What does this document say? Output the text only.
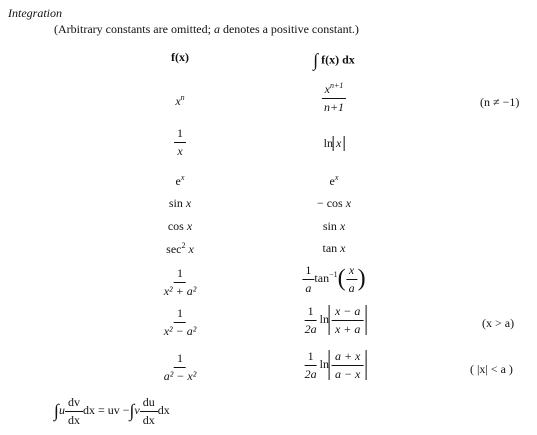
Integration
(Arbitrary constants are omitted; a denotes a positive constant.)
f(x)	∫ f(x) dx
$x^n$	$\frac{x^{n+1}}{n+1}$	(n ≠ −1)
$\frac{1}{x}$	ln x
$e^x$	$e^x$
sin x	− cos x
cos x	sin x
$\sec^2 x$	tan x
$\frac{1}{\text{x² + a²}}$	$\frac{1}{a} \tan^{-1}( \frac{x}{a}$ )
$\frac{1}{\text{x² − a²}}$	$\frac{1}{2a}$ $\ln \frac{x - a}{x + a}$	(x > a)
$\frac{1}{\text{a² − x²}}$	$\frac{1}{2a}$ $\ln \frac{a + x}{a - x}$	( |x| < a )
$\int u \frac{dv}{dx}$ dx = uv $-\int v \frac{du}{dx}$ dx
